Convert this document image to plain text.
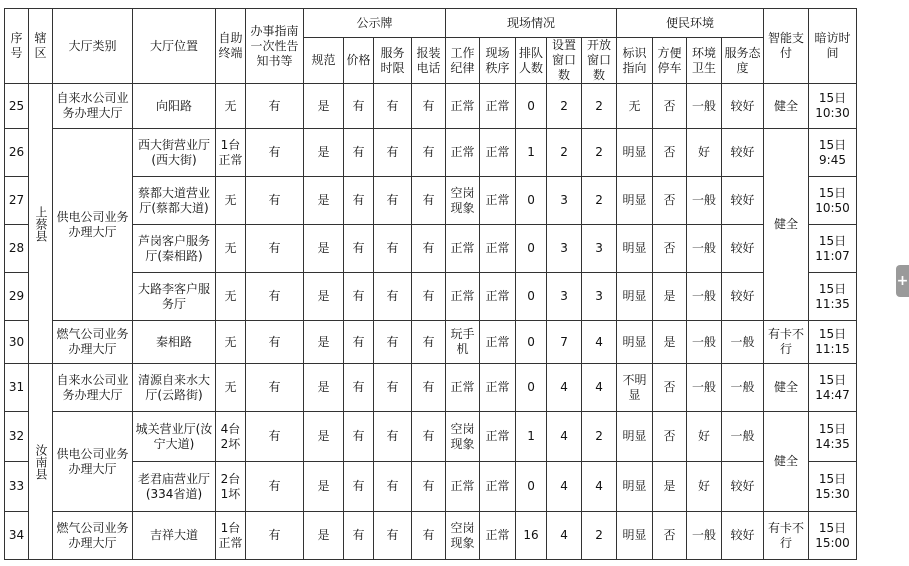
序号	辖区	大厅类别	大厅位置	自助终端	办事指南一次性告知书等	公示牌				现场情况					便民环境				智能支付	暗访时间
						规范	价格	服务时限	报装电话	工作纪律	现场秩序	排队人数	设置窗口数	开放窗口数	标识指向	方便停车	环境卫生	服务态度		
25	上蔡县	自来水公司业务办理大厅	向阳路	无	有	是	有	有	有	正常	正常	0	2	2	无	否	一般	较好	健全	15日10:30
26		供电公司业务办理大厅	西大街营业厅(西大街)	1台正常	有	是	有	有	有	正常	正常	1	2	2	明显	否	好	较好	健全	15日9:45
27			蔡都大道营业厅(蔡都大道)	无	有	是	有	有	有	空岗现象	正常	0	3	2	明显	否	一般	较好		15日10:50
28			芦岗客户服务厅(秦相路)	无	有	是	有	有	有	正常	正常	0	3	3	明显	否	一般	较好		15日11:07
29			大路李客户服务厅	无	有	是	有	有	有	正常	正常	0	3	3	明显	是	一般	较好		15日11:35
30		燃气公司业务办理大厅	秦相路	无	有	是	有	有	有	玩手机	正常	0	7	4	明显	是	一般	一般	有卡不行	15日11:15
31	汝南县	自来水公司业务办理大厅	清源自来水大厅(云路街)	无	有	是	有	有	有	正常	正常	0	4	4	不明显	否	一般	一般	健全	15日14:47
32		供电公司业务办理大厅	城关营业厅(汝宁大道)	4台2坏	有	是	有	有	有	空岗现象	正常	1	4	2	明显	否	好	一般	健全	15日14:35
33			老君庙营业厅(334省道)	2台1坏	有	是	有	有	有	正常	正常	0	4	4	明显	是	好	较好		15日15:30
34		燃气公司业务办理大厅	吉祥大道	1台正常	有	是	有	有	有	空岗现象	正常	16	4	2	明显	否	一般	较好	有卡不行	15日15:00
+
